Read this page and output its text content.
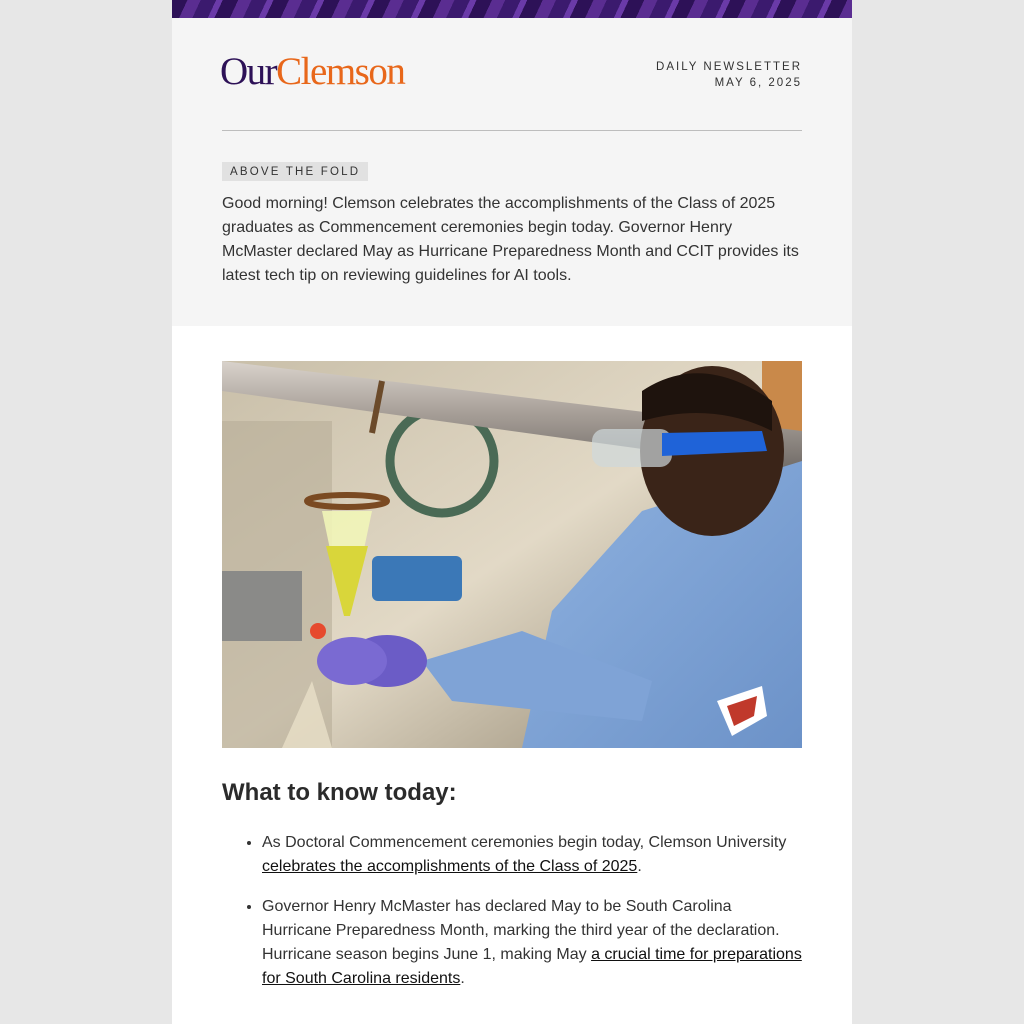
OurClemson	DAILY NEWSLETTER
MAY 6, 2025
ABOVE THE FOLD

Good morning! Clemson celebrates the accomplishments of the Class of 2025 graduates as Commencement ceremonies begin today. Governor Henry McMaster declared May as Hurricane Preparedness Month and CCIT provides its latest tech tip on reviewing guidelines for AI tools.

What to know today:
• As Doctoral Commencement ceremonies begin today, Clemson University celebrates the accomplishments of the Class of 2025.
• Governor Henry McMaster has declared May to be South Carolina Hurricane Preparedness Month, marking the third year of the declaration. Hurricane season begins June 1, making May a crucial time for preparations for South Carolina residents.
